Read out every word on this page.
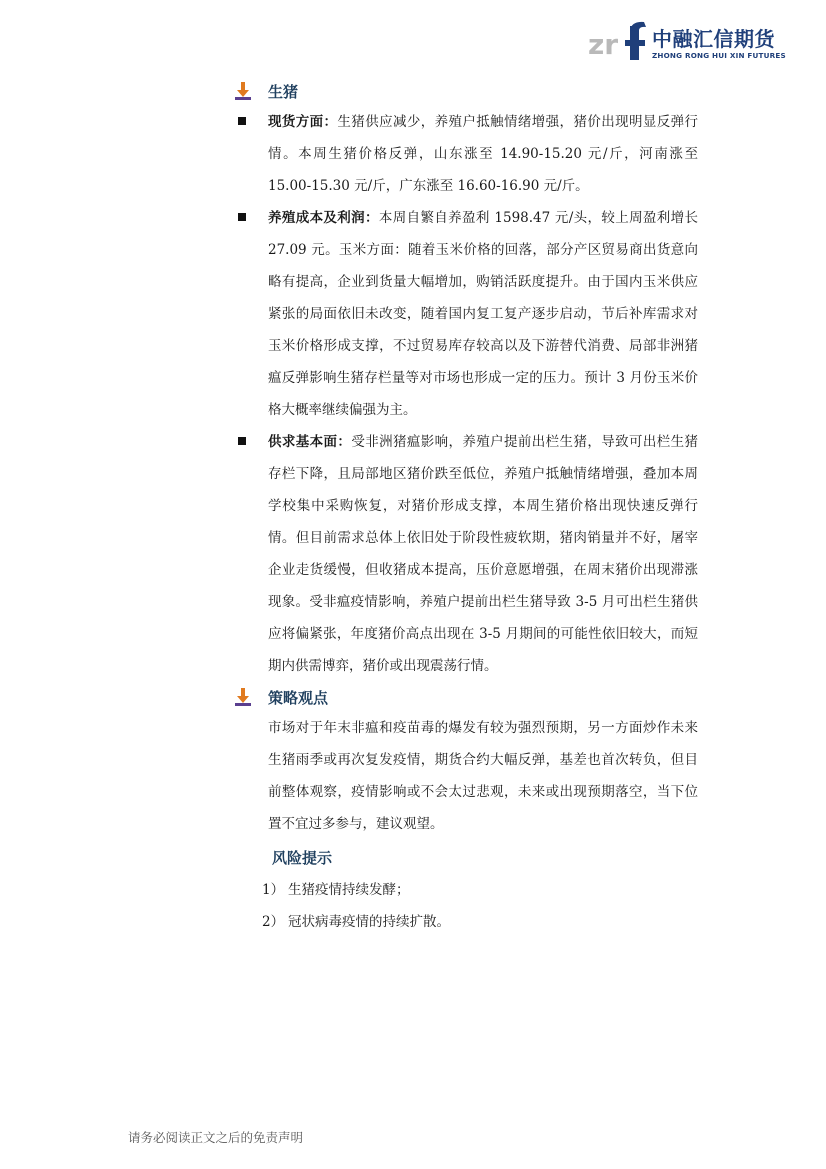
zr 中融汇信期货
ZHONG RONG HUI XIN FUTURES
生猪

现货方面：生猪供应减少，养殖户抵触情绪增强，猪价出现明显反弹行情。本周生猪价格反弹，山东涨至 14.90-15.20 元/斤，河南涨至 15.00-15.30 元/斤，广东涨至 16.60-16.90 元/斤。

养殖成本及利润：本周自繁自养盈利 1598.47 元/头，较上周盈利增长 27.09 元。玉米方面：随着玉米价格的回落，部分产区贸易商出货意向略有提高，企业到货量大幅增加，购销活跃度提升。由于国内玉米供应紧张的局面依旧未改变，随着国内复工复产逐步启动，节后补库需求对玉米价格形成支撑，不过贸易库存较高以及下游替代消费、局部非洲猪瘟反弹影响生猪存栏量等对市场也形成一定的压力。预计 3 月份玉米价格大概率继续偏强为主。

供求基本面：受非洲猪瘟影响，养殖户提前出栏生猪，导致可出栏生猪存栏下降，且局部地区猪价跌至低位，养殖户抵触情绪增强，叠加本周学校集中采购恢复，对猪价形成支撑，本周生猪价格出现快速反弹行情。但目前需求总体上依旧处于阶段性疲软期，猪肉销量并不好，屠宰企业走货缓慢，但收猪成本提高，压价意愿增强，在周末猪价出现滞涨现象。受非瘟疫情影响，养殖户提前出栏生猪导致 3-5 月可出栏生猪供应将偏紧张，年度猪价高点出现在 3-5 月期间的可能性依旧较大，而短期内供需博弈，猪价或出现震荡行情。

策略观点

市场对于年末非瘟和疫苗毒的爆发有较为强烈预期，另一方面炒作未来生猪雨季或再次复发疫情，期货合约大幅反弹，基差也首次转负，但目前整体观察，疫情影响或不会太过悲观，未来或出现预期落空，当下位置不宜过多参与，建议观望。

风险提示
1） 生猪疫情持续发酵；
2） 冠状病毒疫情的持续扩散。
请务必阅读正文之后的免责声明
